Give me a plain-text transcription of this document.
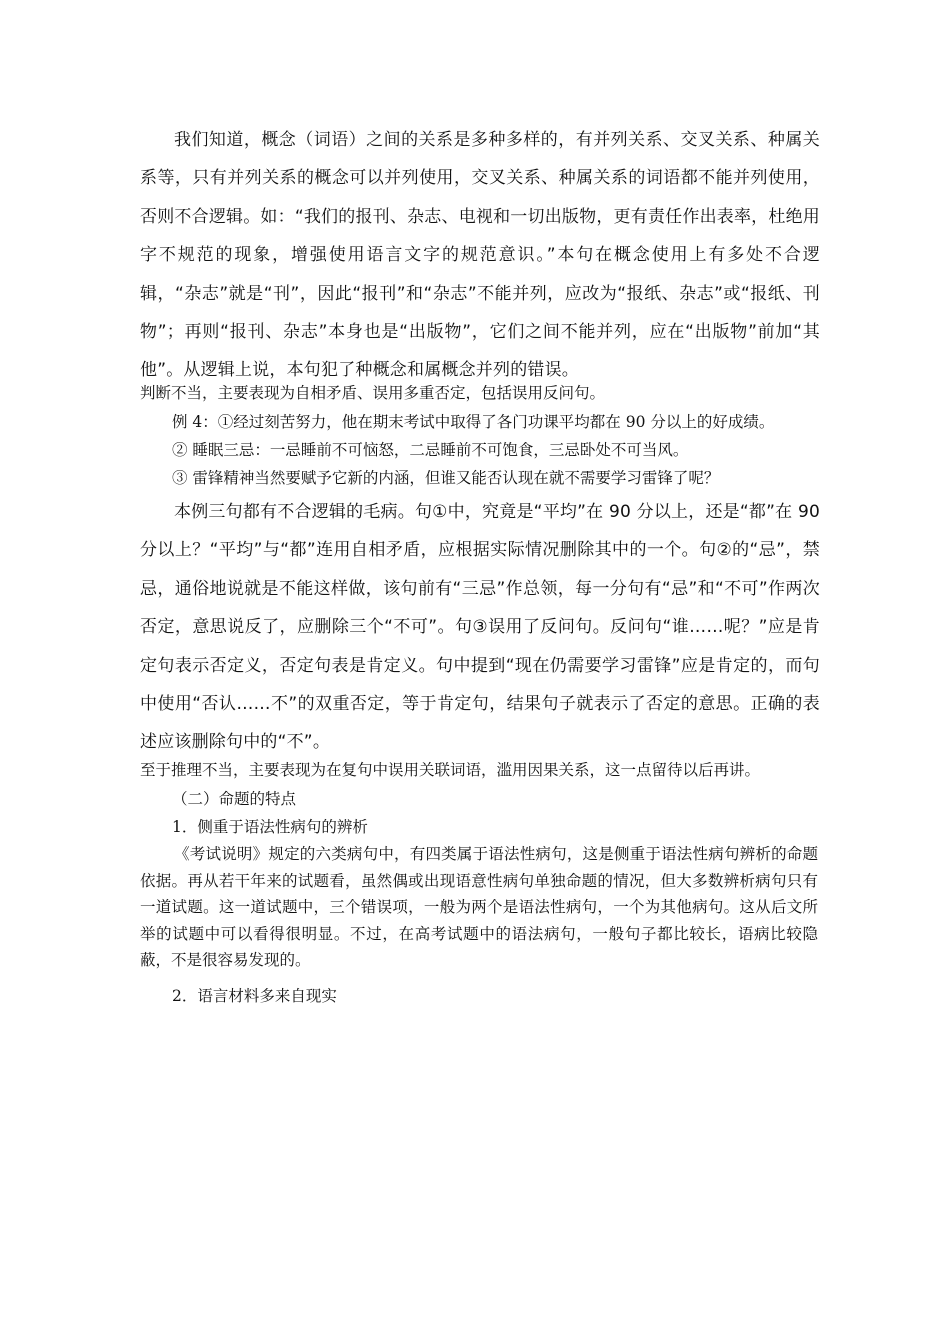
我们知道，概念（词语）之间的关系是多种多样的，有并列关系、交叉关系、种属关系等，只有并列关系的概念可以并列使用，交叉关系、种属关系的词语都不能并列使用，否则不合逻辑。如：“我们的报刊、杂志、电视和一切出版物，更有责任作出表率，杜绝用字不规范的现象，增强使用语言文字的规范意识。”本句在概念使用上有多处不合逻辑，“杂志”就是“刊”，因此“报刊”和“杂志”不能并列，应改为“报纸、杂志”或“报纸、刊物”；再则“报刊、杂志”本身也是“出版物”，它们之间不能并列，应在“出版物”前加“其他”。从逻辑上说，本句犯了种概念和属概念并列的错误。

判断不当，主要表现为自相矛盾、误用多重否定，包括误用反问句。
例 4：①经过刻苦努力，他在期末考试中取得了各门功课平均都在 90 分以上的好成绩。
② 睡眠三忌：一忌睡前不可恼怒，二忌睡前不可饱食，三忌卧处不可当风。
③ 雷锋精神当然要赋予它新的内涵，但谁又能否认现在就不需要学习雷锋了呢？

本例三句都有不合逻辑的毛病。句①中，究竟是“平均”在 90 分以上，还是“都”在 90 分以上？“平均”与“都”连用自相矛盾，应根据实际情况删除其中的一个。句②的“忌”，禁忌，通俗地说就是不能这样做，该句前有“三忌”作总领，每一分句有“忌”和“不可”作两次否定，意思说反了，应删除三个“不可”。句③误用了反问句。反问句“谁……呢？”应是肯定句表示否定义，否定句表是肯定义。句中提到“现在仍需要学习雷锋”应是肯定的，而句中使用“否认……不”的双重否定，等于肯定句，结果句子就表示了否定的意思。正确的表述应该删除句中的“不”。

至于推理不当，主要表现为在复句中误用关联词语，滥用因果关系，这一点留待以后再讲。
（二）命题的特点
1．侧重于语法性病句的辨析

《考试说明》规定的六类病句中，有四类属于语法性病句，这是侧重于语法性病句辨析的命题依据。再从若干年来的试题看，虽然偶或出现语意性病句单独命题的情况，但大多数辨析病句只有一道试题。这一道试题中，三个错误项，一般为两个是语法性病句，一个为其他病句。这从后文所举的试题中可以看得很明显。不过，在高考试题中的语法病句，一般句子都比较长，语病比较隐蔽，不是很容易发现的。

2．语言材料多来自现实
